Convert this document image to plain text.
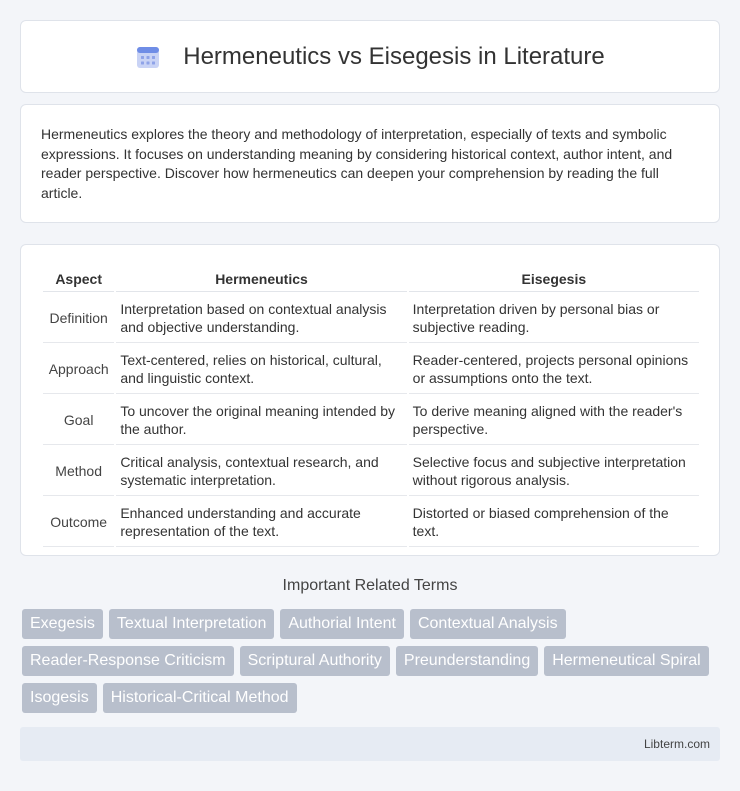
Hermeneutics vs Eisegesis in Literature

Hermeneutics explores the theory and methodology of interpretation, especially of texts and symbolic expressions. It focuses on understanding meaning by considering historical context, author intent, and reader perspective. Discover how hermeneutics can deepen your comprehension by reading the full article.

Aspect	Hermeneutics	Eisegesis
Definition	Interpretation based on contextual analysis and objective understanding.	Interpretation driven by personal bias or subjective reading.
Approach	Text-centered, relies on historical, cultural, and linguistic context.	Reader-centered, projects personal opinions or assumptions onto the text.
Goal	To uncover the original meaning intended by the author.	To derive meaning aligned with the reader's perspective.
Method	Critical analysis, contextual research, and systematic interpretation.	Selective focus and subjective interpretation without rigorous analysis.
Outcome	Enhanced understanding and accurate representation of the text.	Distorted or biased comprehension of the text.
Important Related Terms
Exegesis Textual Interpretation Authorial Intent Contextual Analysis
Reader-Response Criticism Scriptural Authority Preunderstanding Hermeneutical Spiral
Isogesis Historical-Critical Method
Libterm.com
